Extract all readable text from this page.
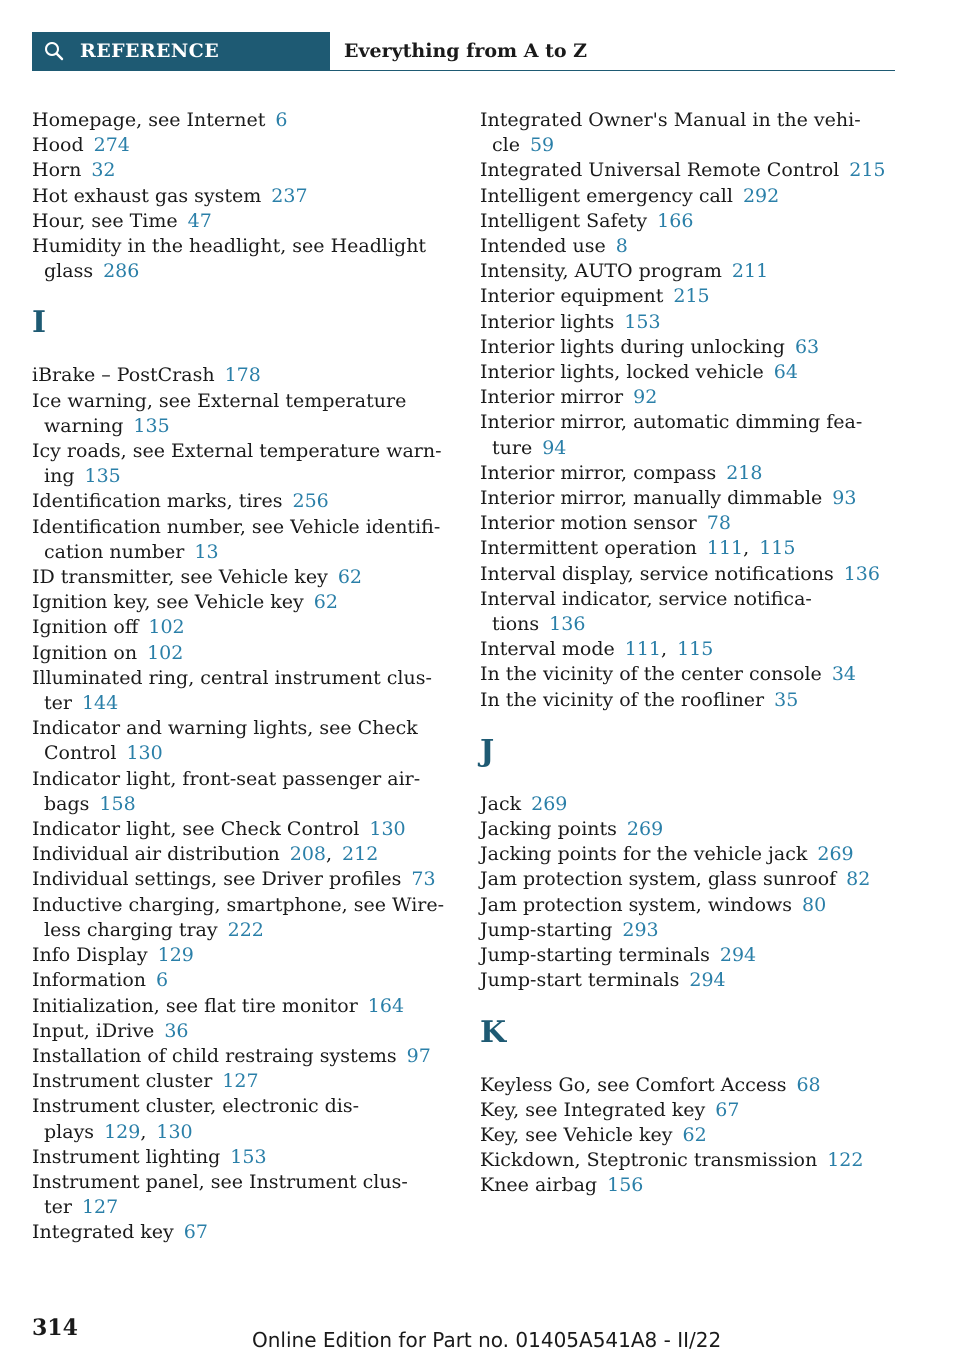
REFERENCE	Everything from A to Z
Homepage, see Internet 6
Hood 274
Horn 32
Hot exhaust gas system 237
Hour, see Time 47
Humidity in the headlight, see Headlight
glass 286
I
iBrake – PostCrash 178
Ice warning, see External temperature
warning 135
Icy roads, see External temperature warn-
ing 135
Identification marks, tires 256
Identification number, see Vehicle identifi-
cation number 13
ID transmitter, see Vehicle key 62
Ignition key, see Vehicle key 62
Ignition off 102
Ignition on 102
Illuminated ring, central instrument clus-
ter 144
Indicator and warning lights, see Check
Control 130
Indicator light, front-seat passenger air-
bags 158
Indicator light, see Check Control 130
Individual air distribution 208, 212
Individual settings, see Driver profiles 73
Inductive charging, smartphone, see Wire-
less charging tray 222
Info Display 129
Information 6
Initialization, see flat tire monitor 164
Input, iDrive 36
Installation of child restraing systems 97
Instrument cluster 127
Instrument cluster, electronic dis-
plays 129, 130
Instrument lighting 153
Instrument panel, see Instrument clus-
ter 127
Integrated key 67
Integrated Owner's Manual in the vehi-
cle 59
Integrated Universal Remote Control 215
Intelligent emergency call 292
Intelligent Safety 166
Intended use 8
Intensity, AUTO program 211
Interior equipment 215
Interior lights 153
Interior lights during unlocking 63
Interior lights, locked vehicle 64
Interior mirror 92
Interior mirror, automatic dimming fea-
ture 94
Interior mirror, compass 218
Interior mirror, manually dimmable 93
Interior motion sensor 78
Intermittent operation 111, 115
Interval display, service notifications 136
Interval indicator, service notifica-
tions 136
Interval mode 111, 115
In the vicinity of the center console 34
In the vicinity of the roofliner 35
J
Jack 269
Jacking points 269
Jacking points for the vehicle jack 269
Jam protection system, glass sunroof 82
Jam protection system, windows 80
Jump-starting 293
Jump-starting terminals 294
Jump-start terminals 294
K
Keyless Go, see Comfort Access 68
Key, see Integrated key 67
Key, see Vehicle key 62
Kickdown, Steptronic transmission 122
Knee airbag 156
314	Online Edition for Part no. 01405A541A8 - II/22
